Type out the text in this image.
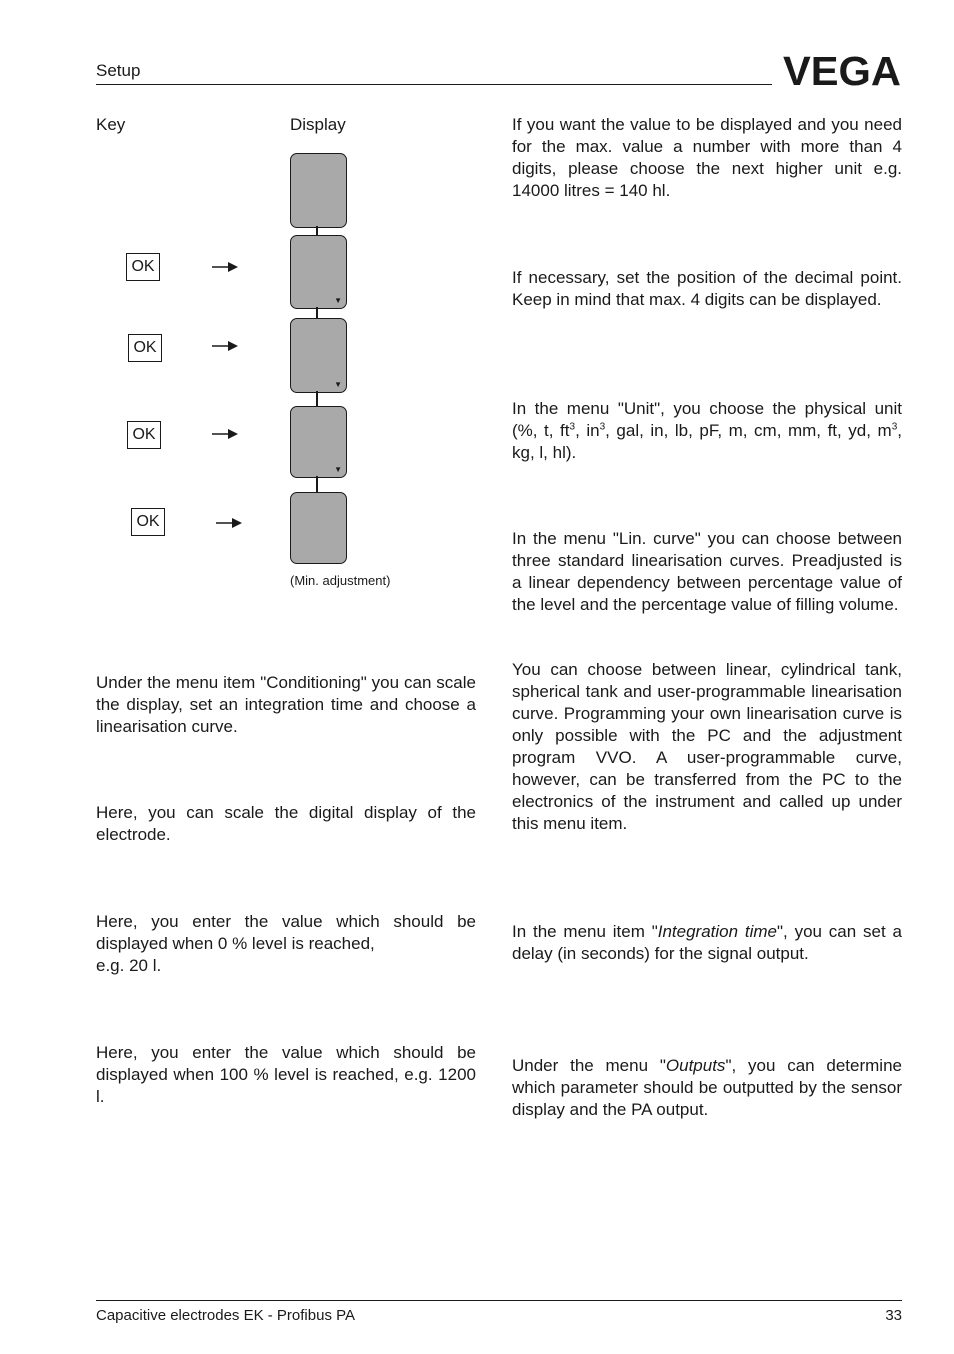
Setup	VEGA
Key	Display
▼
▼
▼
OK
OK
OK
OK
(Min. adjustment)
Under the menu item "Conditioning" you can scale the display, set an integration time and choose a linearisation curve.
Here, you can scale the digital display of the electrode.
Here, you enter the value which should be displayed when 0 % level is reached,
e.g. 20 l.
Here, you enter the value which should be displayed when 100 % level is reached, e.g. 1200 l.
If you want the value to be displayed and you need for the max. value a number with more than 4 digits, please choose the next higher unit e.g. 14000 litres = 140 hl.
If necessary, set the position of the decimal point. Keep in mind that max. 4 digits can be displayed.
In the menu "Unit", you choose the physical unit (%, t, $ft^3$, $in^3$, gal, in, lb, pF, m, cm, mm, ft, yd, $m^3$, kg, l, hl).
In the menu "Lin. curve" you can choose between three standard linearisation curves. Preadjusted is a linear dependency between percentage value of the level and the percentage value of filling volume.
You can choose between linear, cylindrical tank, spherical tank and user-programmable linearisation curve. Programming your own linearisation curve is only possible with the PC and the adjustment program VVO. A user-programmable curve, however, can be transferred from the PC to the electronics of the instrument and called up under this menu item.
In the menu item "Integration time", you can set a delay (in seconds) for the signal output.
Under the menu "Outputs", you can determine which parameter should be outputted by the sensor display and the PA output.
Capacitive electrodes EK - Profibus PA	33
